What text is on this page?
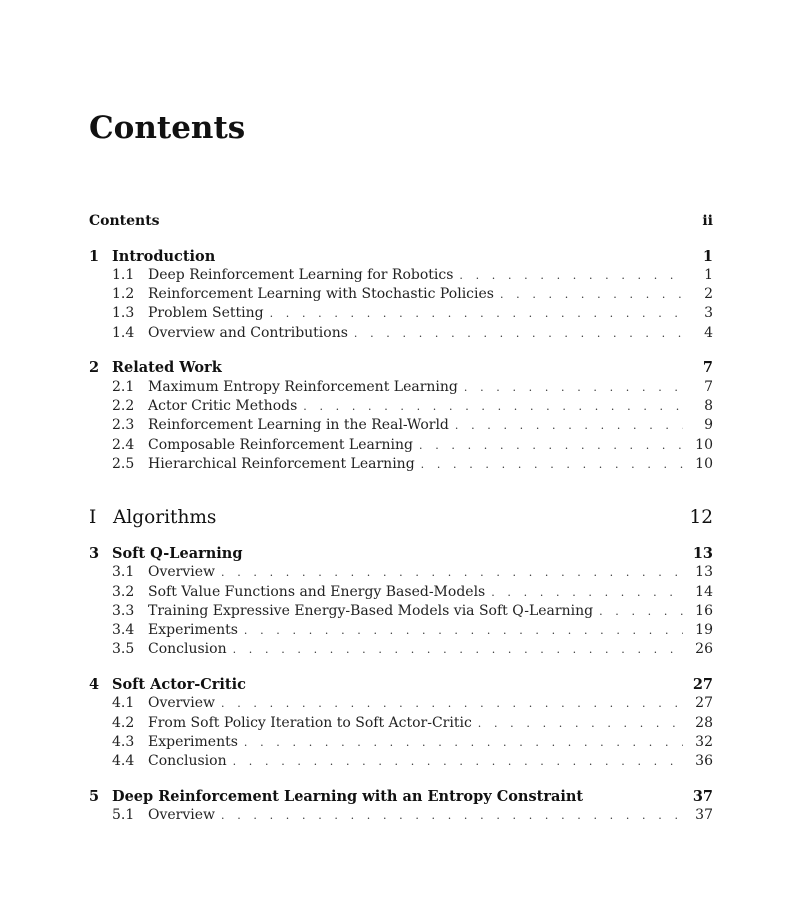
Contents
Contents	ii
1 Introduction	1
1.1 Deep Reinforcement Learning for Robotics . . .	1
1.2 Reinforcement Learning with Stochastic Policies . . .	2
1.3 Problem Setting . . .	3
1.4 Overview and Contributions . . .	4
2 Related Work	7
2.1 Maximum Entropy Reinforcement Learning . . .	7
2.2 Actor Critic Methods . . .	8
2.3 Reinforcement Learning in the Real-World . . .	9
2.4 Composable Reinforcement Learning . . .	10
2.5 Hierarchical Reinforcement Learning . . .	10
I Algorithms	12
3 Soft Q-Learning	13
3.1 Overview . . .	13
3.2 Soft Value Functions and Energy Based-Models . . .	14
3.3 Training Expressive Energy-Based Models via Soft Q-Learning . . .	16
3.4 Experiments . . .	19
3.5 Conclusion . . .	26
4 Soft Actor-Critic	27
4.1 Overview . . .	27
4.2 From Soft Policy Iteration to Soft Actor-Critic . . .	28
4.3 Experiments . . .	32
4.4 Conclusion . . .	36
5 Deep Reinforcement Learning with an Entropy Constraint	37
5.1 Overview . . .	37
